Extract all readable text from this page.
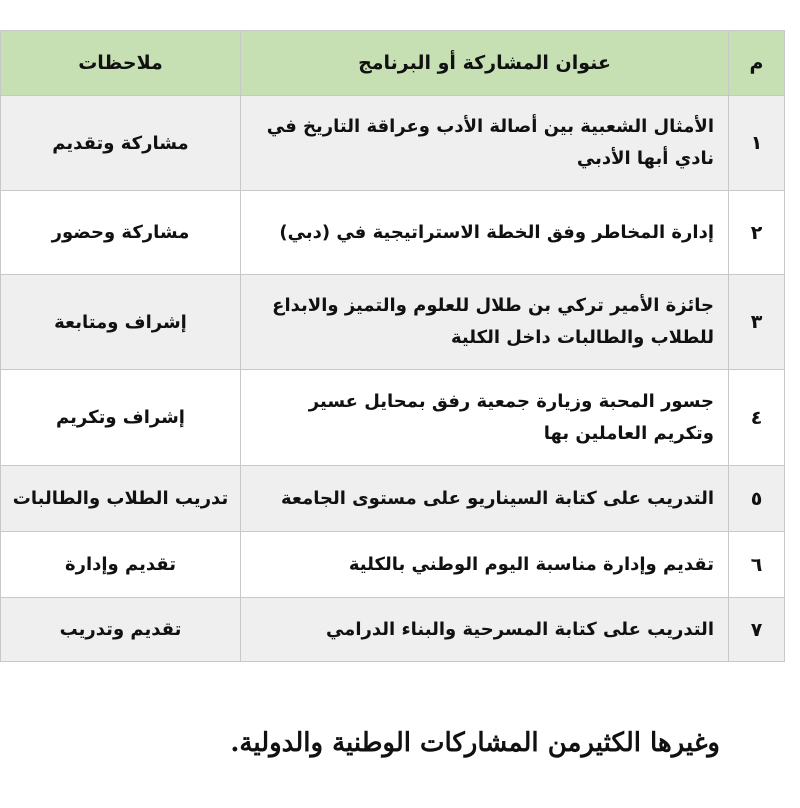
م	عنوان المشاركة أو البرنامج	ملاحظات
١	الأمثال الشعبية بين أصالة الأدب وعراقة التاريخ في نادي أبها الأدبي	مشاركة وتقديم
٢	إدارة المخاطر وفق الخطة الاستراتيجية في (دبي)	مشاركة وحضور
٣	جائزة الأمير تركي بن طلال للعلوم والتميز والابداع للطلاب والطالبات داخل الكلية	إشراف ومتابعة
٤	جسور المحبة وزيارة جمعية رفق بمحايل عسير وتكريم العاملين بها	إشراف وتكريم
٥	التدريب على كتابة السيناريو على مستوى الجامعة	تدريب الطلاب والطالبات
٦	تقديم وإدارة مناسبة اليوم الوطني بالكلية	تقديم وإدارة
٧	التدريب على كتابة المسرحية والبناء الدرامي	تقديم وتدريب
وغيرها الكثيرمن المشاركات الوطنية والدولية.
